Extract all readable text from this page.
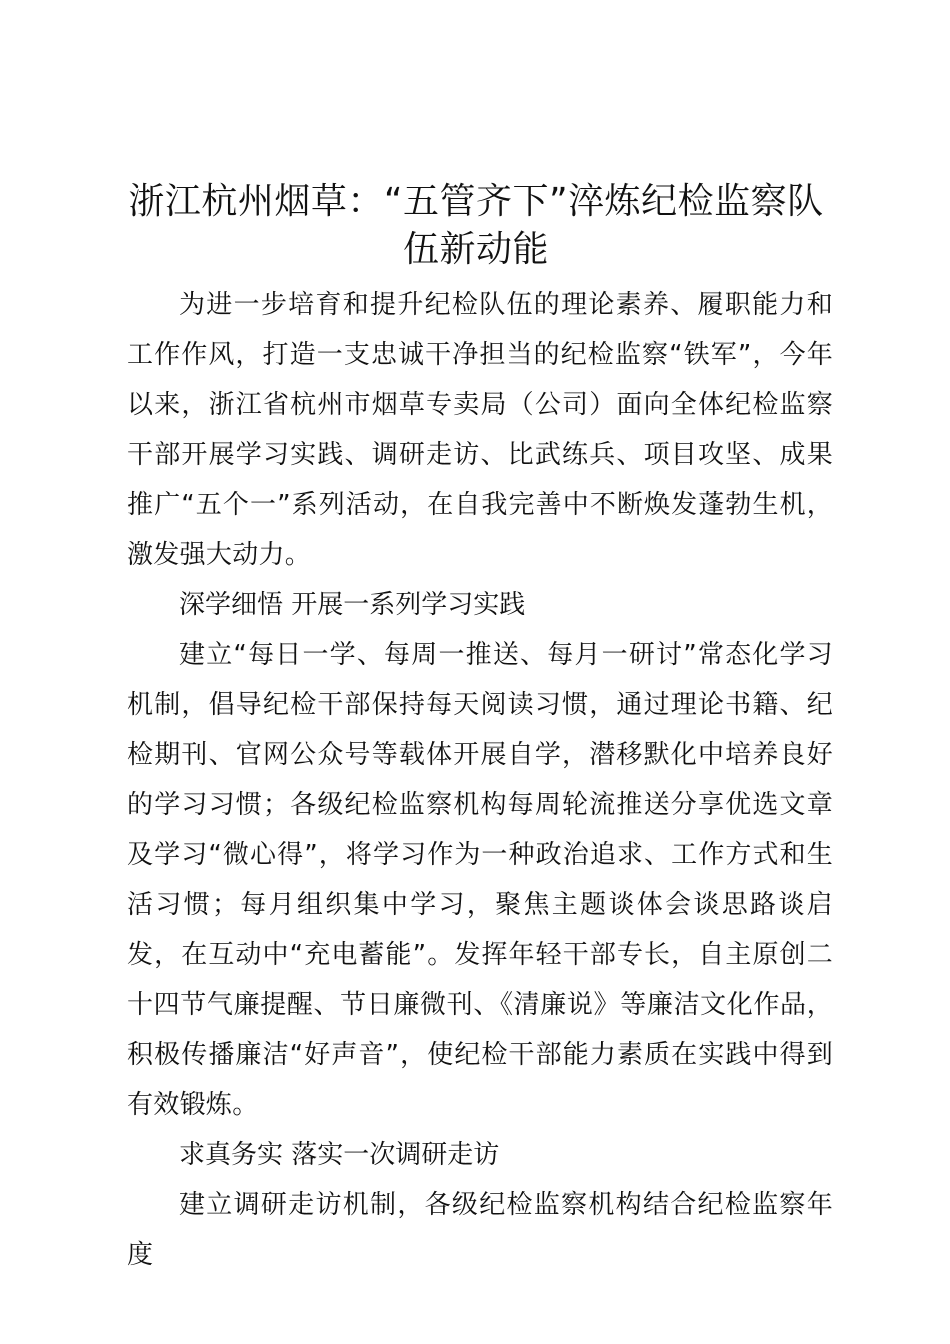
浙江杭州烟草：“五管齐下”淬炼纪检监察队伍新动能

为进一步培育和提升纪检队伍的理论素养、履职能力和工作作风，打造一支忠诚干净担当的纪检监察“铁军”，今年以来，浙江省杭州市烟草专卖局（公司）面向全体纪检监察干部开展学习实践、调研走访、比武练兵、项目攻坚、成果推广“五个一”系列活动，在自我完善中不断焕发蓬勃生机，激发强大动力。

深学细悟 开展一系列学习实践

建立“每日一学、每周一推送、每月一研讨”常态化学习机制，倡导纪检干部保持每天阅读习惯，通过理论书籍、纪检期刊、官网公众号等载体开展自学，潜移默化中培养良好的学习习惯；各级纪检监察机构每周轮流推送分享优选文章及学习“微心得”，将学习作为一种政治追求、工作方式和生活习惯；每月组织集中学习，聚焦主题谈体会谈思路谈启发，在互动中“充电蓄能”。发挥年轻干部专长，自主原创二十四节气廉提醒、节日廉微刊、《清廉说》等廉洁文化作品，积极传播廉洁“好声音”，使纪检干部能力素质在实践中得到有效锻炼。

求真务实 落实一次调研走访

建立调研走访机制，各级纪检监察机构结合纪检监察年度
